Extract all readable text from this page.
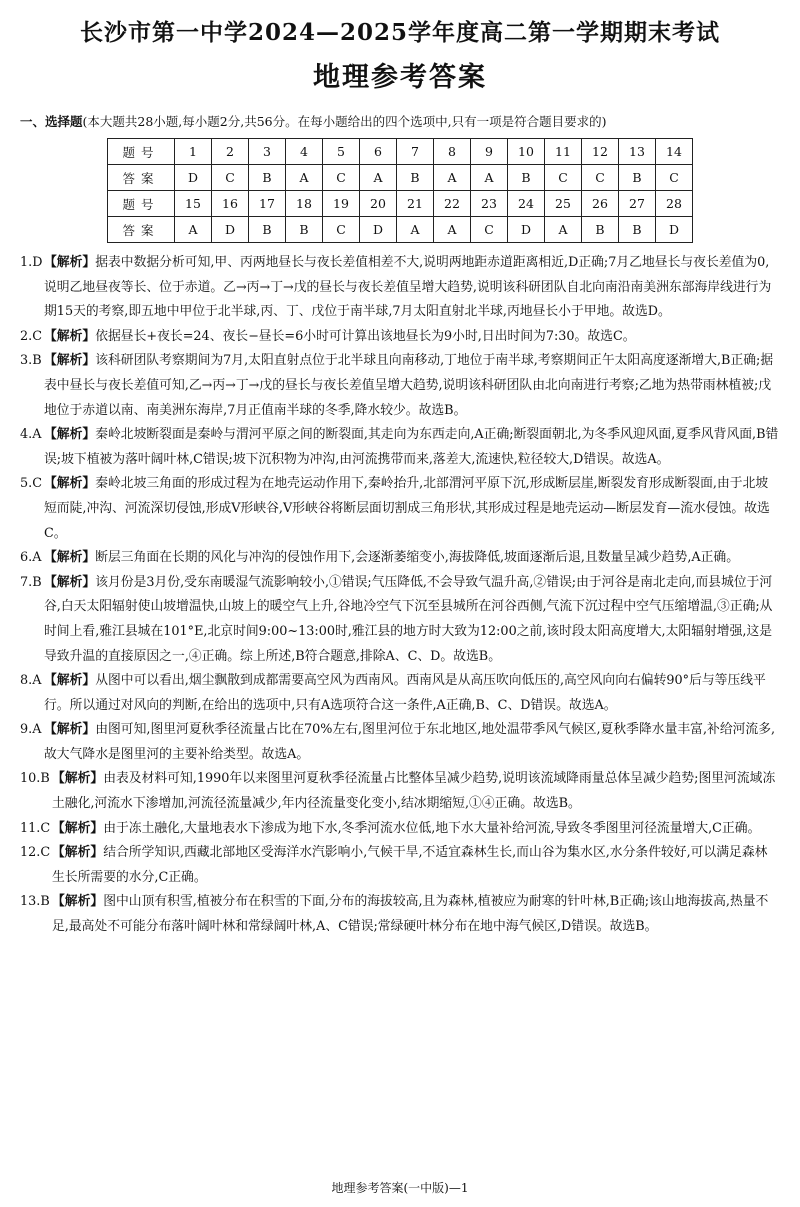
长沙市第一中学2024—2025学年度高二第一学期期末考试
地理参考答案

一、选择题(本大题共28小题,每小题2分,共56分。在每小题给出的四个选项中,只有一项是符合题目要求的)

题号	1	2	3	4	5	6	7	8	9	10	11	12	13	14
答案	D	C	B	A	C	A	B	A	A	B	C	C	B	C
题号	15	16	17	18	19	20	21	22	23	24	25	26	27	28
答案	A	D	B	B	C	D	A	A	C	D	A	B	B	D

1.D 【解析】据表中数据分析可知,甲、丙两地昼长与夜长差值相差不大,说明两地距赤道距离相近,D正确;7月乙地昼长与夜长差值为0,说明乙地昼夜等长、位于赤道。乙→丙→丁→戊的昼长与夜长差值呈增大趋势,说明该科研团队自北向南沿南美洲东部海岸线进行为期15天的考察,即五地中甲位于北半球,丙、丁、戊位于南半球,7月太阳直射北半球,丙地昼长小于甲地。故选D。

2.C 【解析】依据昼长+夜长=24、夜长−昼长=6小时可计算出该地昼长为9小时,日出时间为7:30。故选C。

3.B 【解析】该科研团队考察期间为7月,太阳直射点位于北半球且向南移动,丁地位于南半球,考察期间正午太阳高度逐渐增大,B正确;据表中昼长与夜长差值可知,乙→丙→丁→戊的昼长与夜长差值呈增大趋势,说明该科研团队由北向南进行考察;乙地为热带雨林植被;戊地位于赤道以南、南美洲东海岸,7月正值南半球的冬季,降水较少。故选B。

4.A 【解析】秦岭北坡断裂面是秦岭与渭河平原之间的断裂面,其走向为东西走向,A正确;断裂面朝北,为冬季风迎风面,夏季风背风面,B错误;坡下植被为落叶阔叶林,C错误;坡下沉积物为冲沟,由河流携带而来,落差大,流速快,粒径较大,D错误。故选A。

5.C 【解析】秦岭北坡三角面的形成过程为在地壳运动作用下,秦岭抬升,北部渭河平原下沉,形成断层崖,断裂发育形成断裂面,由于北坡短而陡,冲沟、河流深切侵蚀,形成V形峡谷,V形峡谷将断层面切割成三角形状,其形成过程是地壳运动—断层发育—流水侵蚀。故选C。

6.A 【解析】断层三角面在长期的风化与冲沟的侵蚀作用下,会逐渐萎缩变小,海拔降低,坡面逐渐后退,且数量呈减少趋势,A正确。

7.B 【解析】该月份是3月份,受东南暖湿气流影响较小,①错误;气压降低,不会导致气温升高,②错误;由于河谷是南北走向,而县城位于河谷,白天太阳辐射使山坡增温快,山坡上的暖空气上升,谷地冷空气下沉至县城所在河谷西侧,气流下沉过程中空气压缩增温,③正确;从时间上看,雅江县城在101°E,北京时间9:00~13:00时,雅江县的地方时大致为12:00之前,该时段太阳高度增大,太阳辐射增强,这是导致升温的直接原因之一,④正确。综上所述,B符合题意,排除A、C、D。故选B。

8.A 【解析】从图中可以看出,烟尘飘散到成都需要高空风为西南风。西南风是从高压吹向低压的,高空风向向右偏转90°后与等压线平行。所以通过对风向的判断,在给出的选项中,只有A选项符合这一条件,A正确,B、C、D错误。故选A。

9.A 【解析】由图可知,图里河夏秋季径流量占比在70%左右,图里河位于东北地区,地处温带季风气候区,夏秋季降水量丰富,补给河流多,故大气降水是图里河的主要补给类型。故选A。

10.B 【解析】由表及材料可知,1990年以来图里河夏秋季径流量占比整体呈减少趋势,说明该流域降雨量总体呈减少趋势;图里河流域冻土融化,河流水下渗增加,河流径流量减少,年内径流量变化变小,结冰期缩短,①④正确。故选B。

11.C 【解析】由于冻土融化,大量地表水下渗成为地下水,冬季河流水位低,地下水大量补给河流,导致冬季图里河径流量增大,C正确。

12.C 【解析】结合所学知识,西藏北部地区受海洋水汽影响小,气候干旱,不适宜森林生长,而山谷为集水区,水分条件较好,可以满足森林生长所需要的水分,C正确。

13.B 【解析】图中山顶有积雪,植被分布在积雪的下面,分布的海拔较高,且为森林,植被应为耐寒的针叶林,B正确;该山地海拔高,热量不足,最高处不可能分布落叶阔叶林和常绿阔叶林,A、C错误;常绿硬叶林分布在地中海气候区,D错误。故选B。

地理参考答案(一中版)—1
